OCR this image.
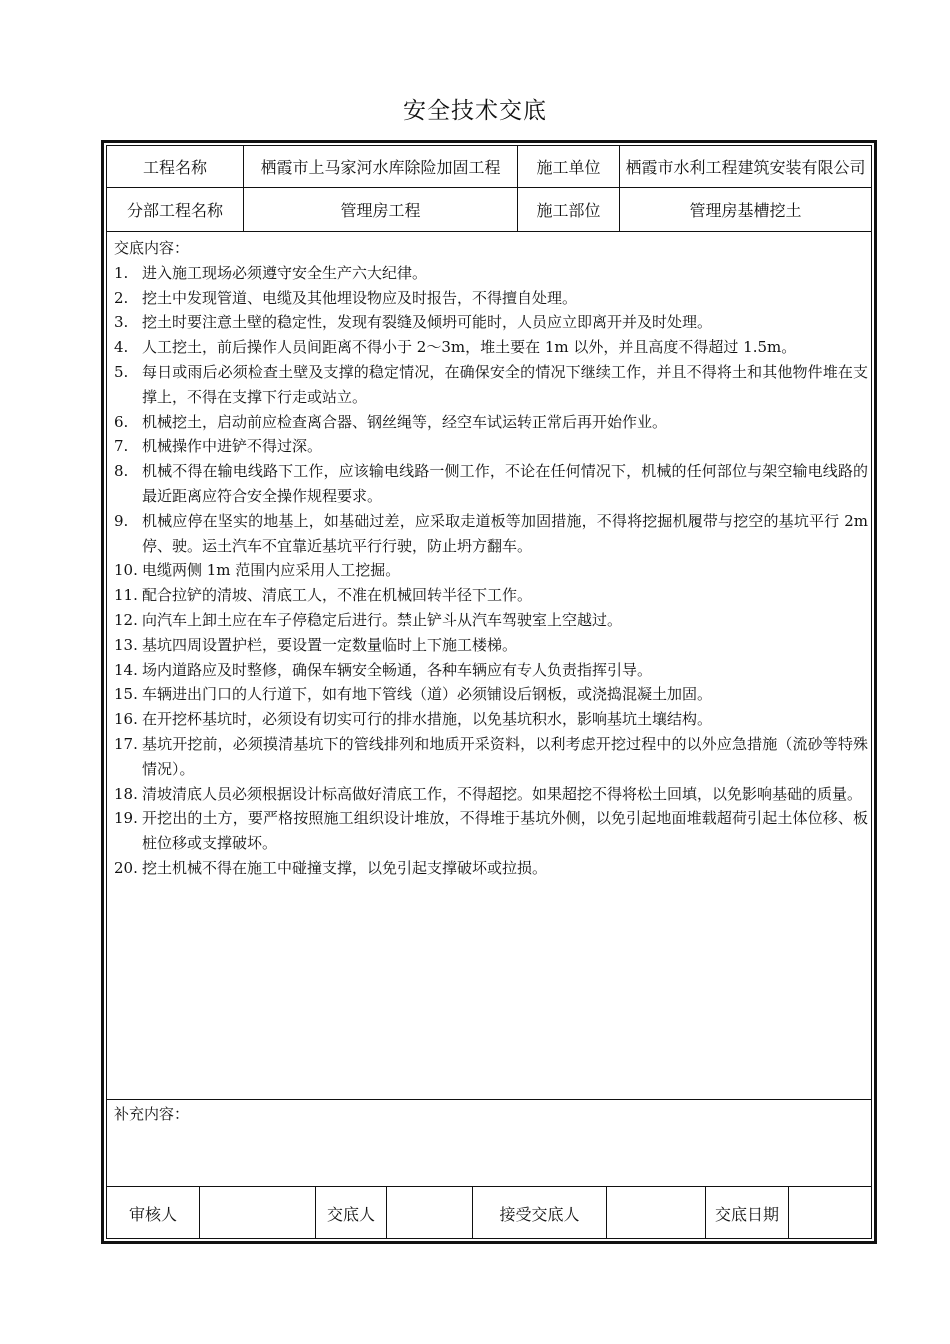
安全技术交底
工程名称	栖霞市上马家河水库除险加固工程	施工单位	栖霞市水利工程建筑安装有限公司
分部工程名称	管理房工程	施工部位	管理房基槽挖土
交底内容：
1. 进入施工现场必须遵守安全生产六大纪律。
2. 挖土中发现管道、电缆及其他埋设物应及时报告，不得擅自处理。
3. 挖土时要注意土壁的稳定性，发现有裂缝及倾坍可能时，人员应立即离开并及时处理。
4. 人工挖土，前后操作人员间距离不得小于 2～3m，堆土要在 1m 以外，并且高度不得超过 1.5m。
5. 每日或雨后必须检查土壁及支撑的稳定情况，在确保安全的情况下继续工作，并且不得将土和其他物件堆在支撑上，不得在支撑下行走或站立。
6. 机械挖土，启动前应检查离合器、钢丝绳等，经空车试运转正常后再开始作业。
7. 机械操作中进铲不得过深。
8. 机械不得在输电线路下工作，应该输电线路一侧工作，不论在任何情况下，机械的任何部位与架空输电线路的最近距离应符合安全操作规程要求。
9. 机械应停在坚实的地基上，如基础过差，应采取走道板等加固措施，不得将挖掘机履带与挖空的基坑平行 2m 停、驶。运土汽车不宜靠近基坑平行行驶，防止坍方翻车。
10. 电缆两侧 1m 范围内应采用人工挖掘。
11. 配合拉铲的清坡、清底工人，不准在机械回转半径下工作。
12. 向汽车上卸土应在车子停稳定后进行。禁止铲斗从汽车驾驶室上空越过。
13. 基坑四周设置护栏，要设置一定数量临时上下施工楼梯。
14. 场内道路应及时整修，确保车辆安全畅通，各种车辆应有专人负责指挥引导。
15. 车辆进出门口的人行道下，如有地下管线（道）必须铺设后钢板，或浇捣混凝土加固。
16. 在开挖杯基坑时，必须设有切实可行的排水措施，以免基坑积水，影响基坑土壤结构。
17. 基坑开挖前，必须摸清基坑下的管线排列和地质开采资料，以利考虑开挖过程中的以外应急措施（流砂等特殊情况）。
18. 清坡清底人员必须根据设计标高做好清底工作，不得超挖。如果超挖不得将松土回填，以免影响基础的质量。
19. 开挖出的土方，要严格按照施工组织设计堆放，不得堆于基坑外侧，以免引起地面堆载超荷引起土体位移、板桩位移或支撑破坏。
20. 挖土机械不得在施工中碰撞支撑，以免引起支撑破坏或拉损。
补充内容：
审核人	交底人	接受交底人	交底日期
